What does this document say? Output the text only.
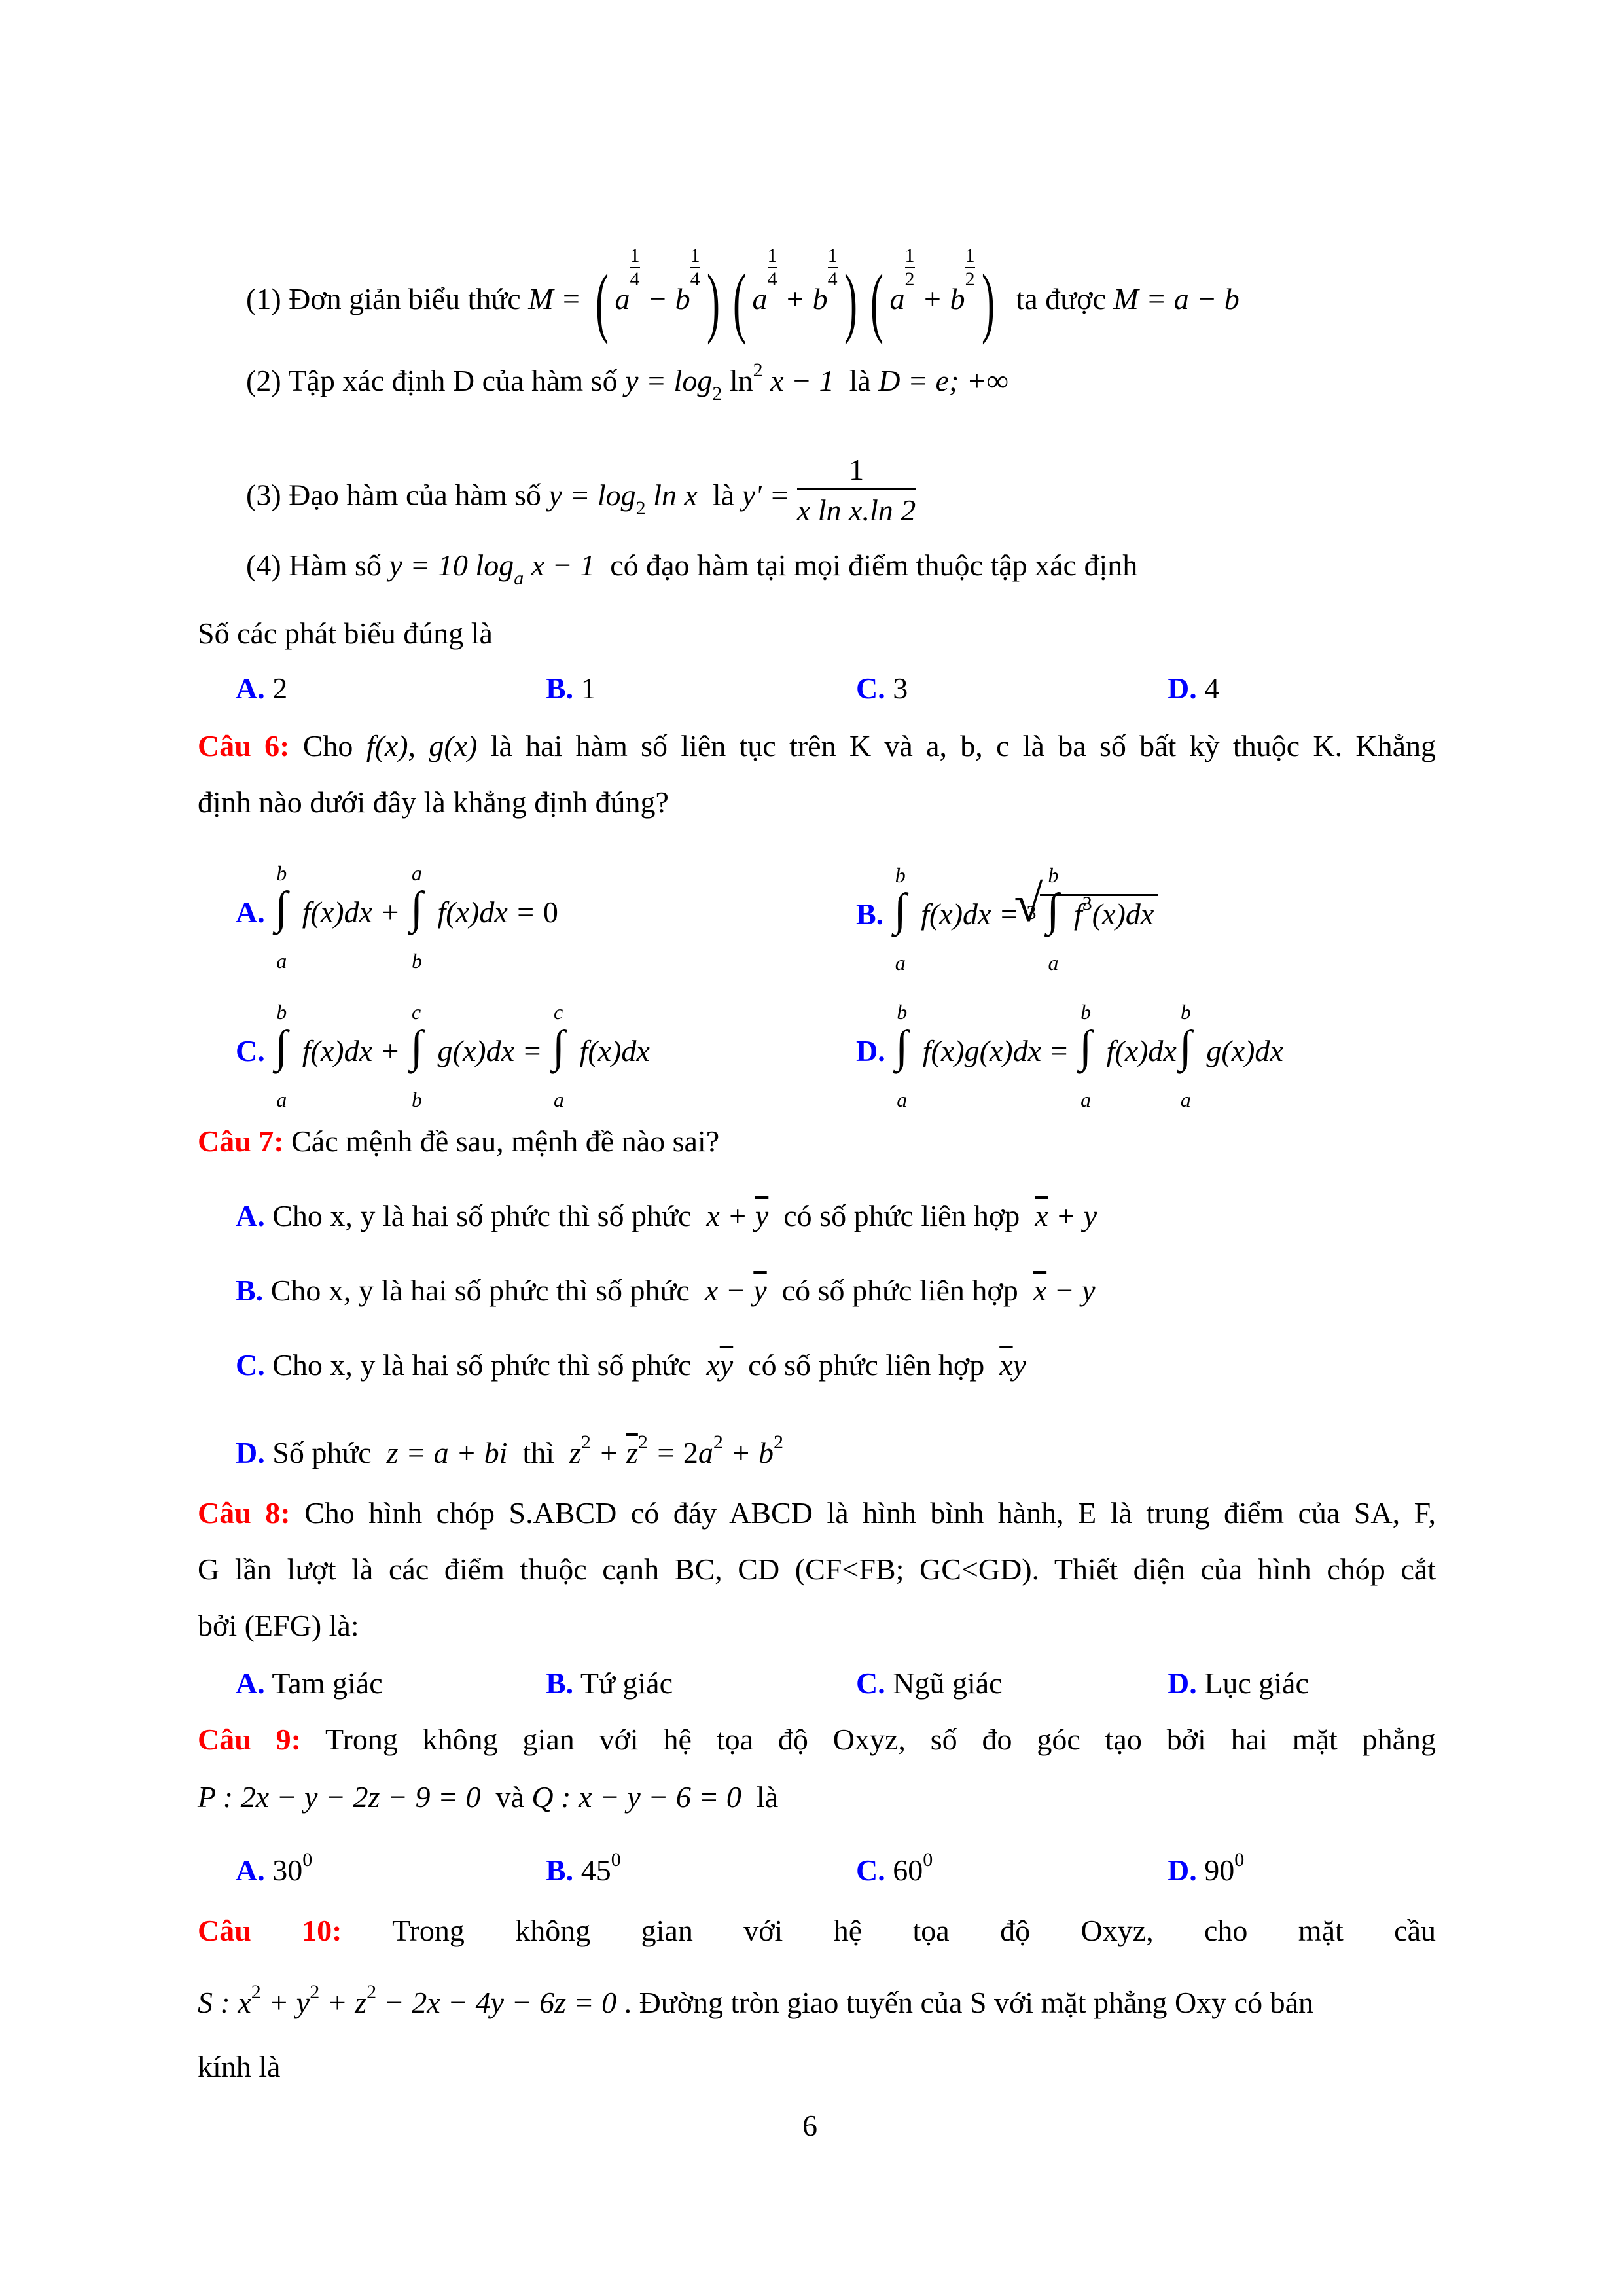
(1) Đơn giản biểu thức M = ( a
$\frac{1}{4}$
− b
$\frac{1}{4}$ ) ( a
$\frac{1}{4}$
+ b
$\frac{1}{4}$ ) ( a
$\frac{1}{2}$
+ b
$\frac{1}{2}$ ) ta được M = a − b
(2) Tập xác định D của hàm số $y = \log_2 \ln^2 x - 1$ là D = e; +∞
(3) Đạo hàm của hàm số $y = \log_2 \ln x$ là $y' = \frac{1}{\text{x ln x.ln 2}}$
(4) Hàm số y = 10 $\log_a x - 1$ có đạo hàm tại mọi điểm thuộc tập xác định
Số các phát biểu đúng là
A. 2	B. 1	C. 3	D. 4
Câu 6: Cho f(x), g(x) là hai hàm số liên tục trên K và a, b, c là ba số bất kỳ thuộc K. Khẳng
định nào dưới đây là khẳng định đúng?
A.
b
∫
a
f(x)dx +
a
∫
b
f(x)dx = 0	B.
b
∫
a
f(x)dx = 3
√ b
∫
a
$f^3(x)dx$
C.
b
∫
a
f(x)dx +
c
∫
b
g(x)dx =
c
∫
a
f(x)dx	D.
b
∫
a
f(x)g(x)dx =
b
∫
a
f(x)dx
b
∫
a
g(x)dx
Câu 7: Các mệnh đề sau, mệnh đề nào sai?
A. Cho x, y là hai số phức thì số phức $x + \overline{y}$ có số phức liên hợp $\overline{x} + y$
B. Cho x, y là hai số phức thì số phức $x - \overline{y}$ có số phức liên hợp $\overline{x} - y$
C. Cho x, y là hai số phức thì số phức $x\overline{y}$ có số phức liên hợp $\overline{x}y$
D. Số phức z = a + bi thì $z^2 + \overline{z}^2 = 2a^2 + b^2$
Câu 8: Cho hình chóp S.ABCD có đáy ABCD là hình bình hành, E là trung điểm của SA, F,
G lần lượt là các điểm thuộc cạnh BC, CD (CF<FB; GC<GD). Thiết diện của hình chóp cắt
bởi (EFG) là:
A. Tam giác	B. Tứ giác	C. Ngũ giác	D. Lục giác
Câu 9: Trong không gian với hệ tọa độ Oxyz, số đo góc tạo bởi hai mặt phẳng
P : 2x − y − 2z − 9 = 0 và Q : x − y − 6 = 0 là
A. $30^0$	B. $45^0$	C. $60^0$	D. $90^0$
Câu 10: Trong không gian với hệ tọa độ Oxyz, cho mặt cầu
S : $x^2 + y^2 + z^2 - 2x - 4y - 6z = 0$ . Đường tròn giao tuyến của S với mặt phẳng Oxy có bán
kính là
6
